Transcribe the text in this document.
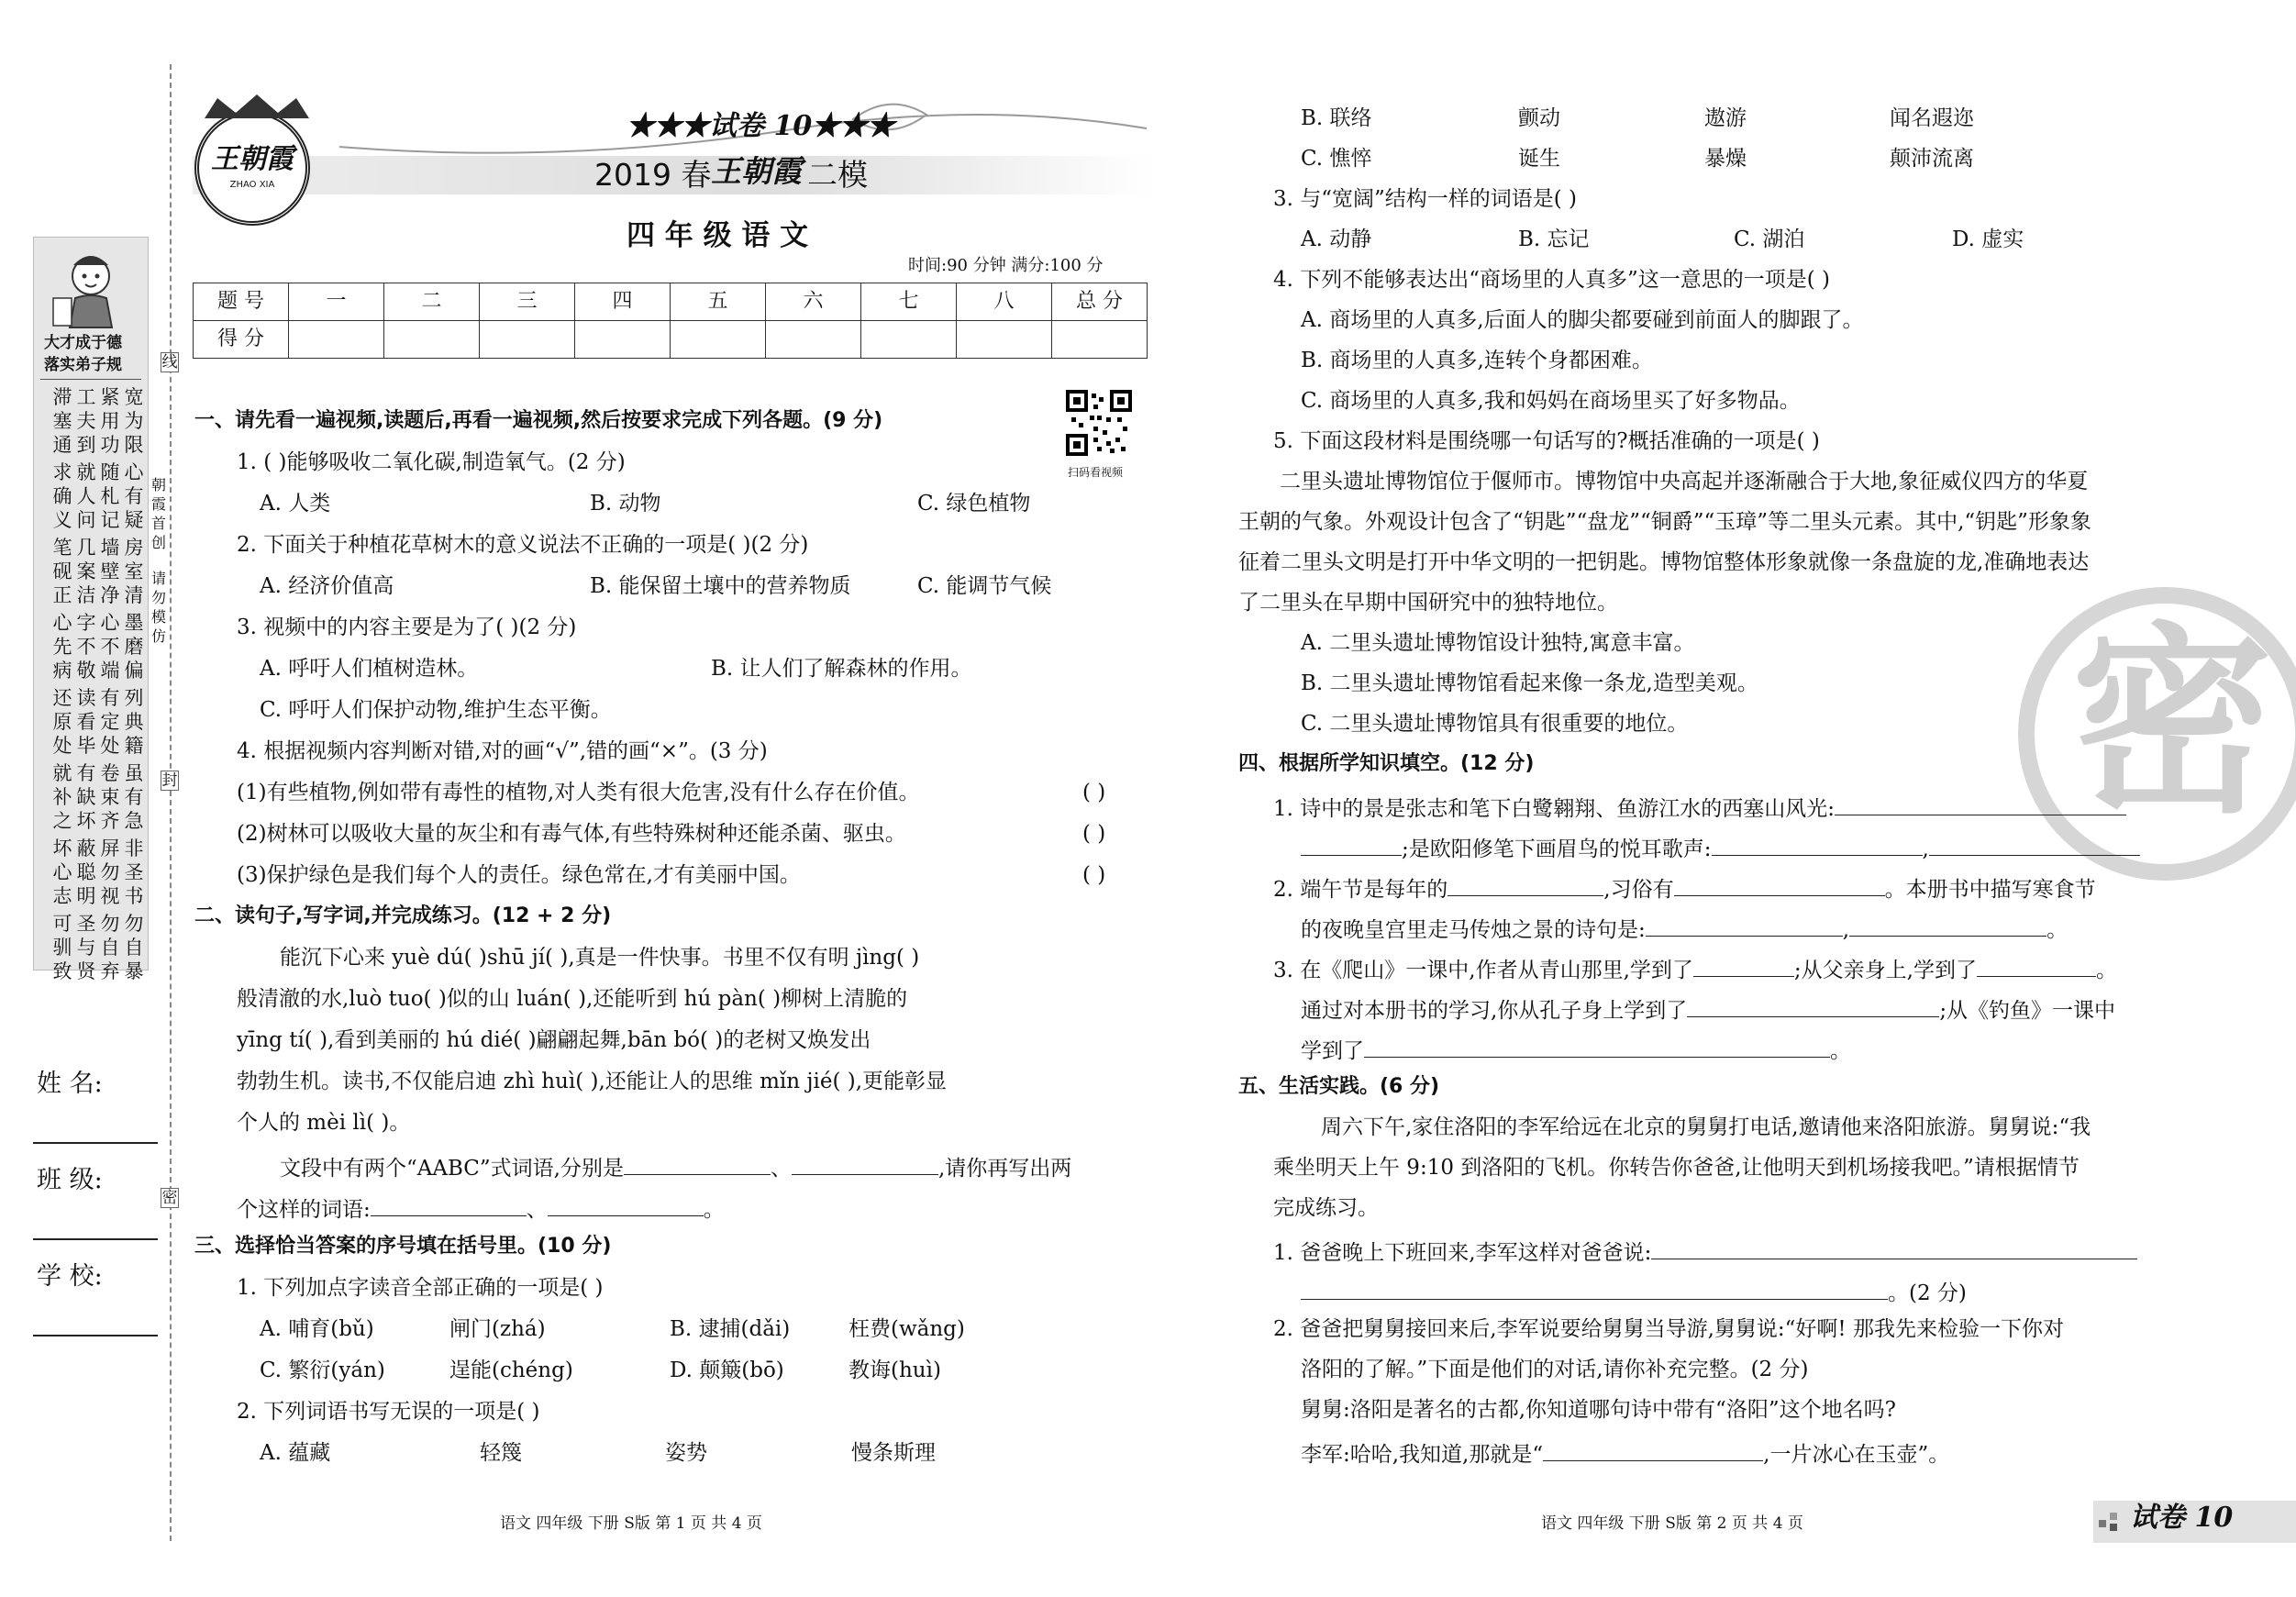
大才成于德
落实弟子规
宽为限
紧用功
工夫到
滞塞通
心有疑
随札记
就人问
求确义
房室清
墙壁净
几案洁
笔砚正
墨磨偏
心不端
字不敬
心先病
列典籍
有定处
读看毕
还原处
虽有急
卷束齐
有缺坏
就补之
非圣书
屏勿视
蔽聪明
坏心志
勿自暴
勿自弃
圣与贤
可驯致
线
封
密
朝霞首创
请勿模仿
姓 名:
班 级:
学 校:
王朝霞
ZHAO XIA
★★★试卷 10★★★
2019 春 王朝霞 二模
四 年 级 语 文
时间:90 分钟 满分:100 分
题 号	一	二	三	四	五	六	七	八	总 分
得 分									
扫码看视频
一、请先看一遍视频,读题后,再看一遍视频,然后按要求完成下列各题。(9 分)
1. ( )能够吸收二氧化碳,制造氧气。(2 分)
A. 人类	B. 动物	C. 绿色植物
2. 下面关于种植花草树木的意义说法不正确的一项是( )(2 分)
A. 经济价值高	B. 能保留土壤中的营养物质	C. 能调节气候
3. 视频中的内容主要是为了( )(2 分)
A. 呼吁人们植树造林。	B. 让人们了解森林的作用。
C. 呼吁人们保护动物,维护生态平衡。
4. 根据视频内容判断对错,对的画“√”,错的画“×”。(3 分)
(1)有些植物,例如带有毒性的植物,对人类有很大危害,没有什么存在价值。	( )
(2)树林可以吸收大量的灰尘和有毒气体,有些特殊树种还能杀菌、驱虫。	( )
(3)保护绿色是我们每个人的责任。绿色常在,才有美丽中国。	( )
二、读句子,写字词,并完成练习。(12 + 2 分)
能沉下心来 yuè dú( )shū jí( ),真是一件快事。书里不仅有明 jìng( )
般清澈的水,luò tuo( )似的山 luán( ),还能听到 hú pàn( )柳树上清脆的
yīng tí( ),看到美丽的 hú dié( )翩翩起舞,bān bó( )的老树又焕发出
勃勃生机。读书,不仅能启迪 zhì huì( ),还能让人的思维 mǐn jié( ),更能彰显
个人的 mèi lì( )。
文段中有两个“AABC”式词语,分别是	、	,请你再写出两
个这样的词语:	、	。
三、选择恰当答案的序号填在括号里。(10 分)
1. 下列加点字读音全部正确的一项是( )
A. 哺育(bǔ)	闸门(zhá)	B. 逮捕(dǎi)	枉费(wǎng)
C. 繁衍(yán)	逞能(chéng)	D. 颠簸(bō)	教诲(huì)
2. 下列词语书写无误的一项是( )
A. 蕴藏	轻篾	姿势	慢条斯理
语文 四年级 下册 S版 第 1 页 共 4 页
密
B. 联络	颤动	遨游	闻名遐迩
C. 憔悴	诞生	暴燥	颠沛流离
3. 与“宽阔”结构一样的词语是( )
A. 动静	B. 忘记	C. 湖泊	D. 虚实
4. 下列不能够表达出“商场里的人真多”这一意思的一项是( )
A. 商场里的人真多,后面人的脚尖都要碰到前面人的脚跟了。
B. 商场里的人真多,连转个身都困难。
C. 商场里的人真多,我和妈妈在商场里买了好多物品。
5. 下面这段材料是围绕哪一句话写的?概括准确的一项是( )
二里头遗址博物馆位于偃师市。博物馆中央高起并逐渐融合于大地,象征威仪四方的华夏
王朝的气象。外观设计包含了“钥匙”“盘龙”“铜爵”“玉璋”等二里头元素。其中,“钥匙”形象象
征着二里头文明是打开中华文明的一把钥匙。博物馆整体形象就像一条盘旋的龙,准确地表达
了二里头在早期中国研究中的独特地位。
A. 二里头遗址博物馆设计独特,寓意丰富。
B. 二里头遗址博物馆看起来像一条龙,造型美观。
C. 二里头遗址博物馆具有很重要的地位。
四、根据所学知识填空。(12 分)
1. 诗中的景是张志和笔下白鹭翱翔、鱼游江水的西塞山风光:
;是欧阳修笔下画眉鸟的悦耳歌声:	,
2. 端午节是每年的	,习俗有	。本册书中描写寒食节
的夜晚皇宫里走马传烛之景的诗句是:	,	。
3. 在《爬山》一课中,作者从青山那里,学到了	;从父亲身上,学到了	。
通过对本册书的学习,你从孔子身上学到了	;从《钓鱼》一课中
学到了	。
五、生活实践。(6 分)
周六下午,家住洛阳的李军给远在北京的舅舅打电话,邀请他来洛阳旅游。舅舅说:“我
乘坐明天上午 9:10 到洛阳的飞机。你转告你爸爸,让他明天到机场接我吧。”请根据情节
完成练习。
1. 爸爸晚上下班回来,李军这样对爸爸说:
。(2 分)
2. 爸爸把舅舅接回来后,李军说要给舅舅当导游,舅舅说:“好啊! 那我先来检验一下你对
洛阳的了解。”下面是他们的对话,请你补充完整。(2 分)
舅舅:洛阳是著名的古都,你知道哪句诗中带有“洛阳”这个地名吗?
李军:哈哈,我知道,那就是“	,一片冰心在玉壶”。
语文 四年级 下册 S版 第 2 页 共 4 页	试卷 10
